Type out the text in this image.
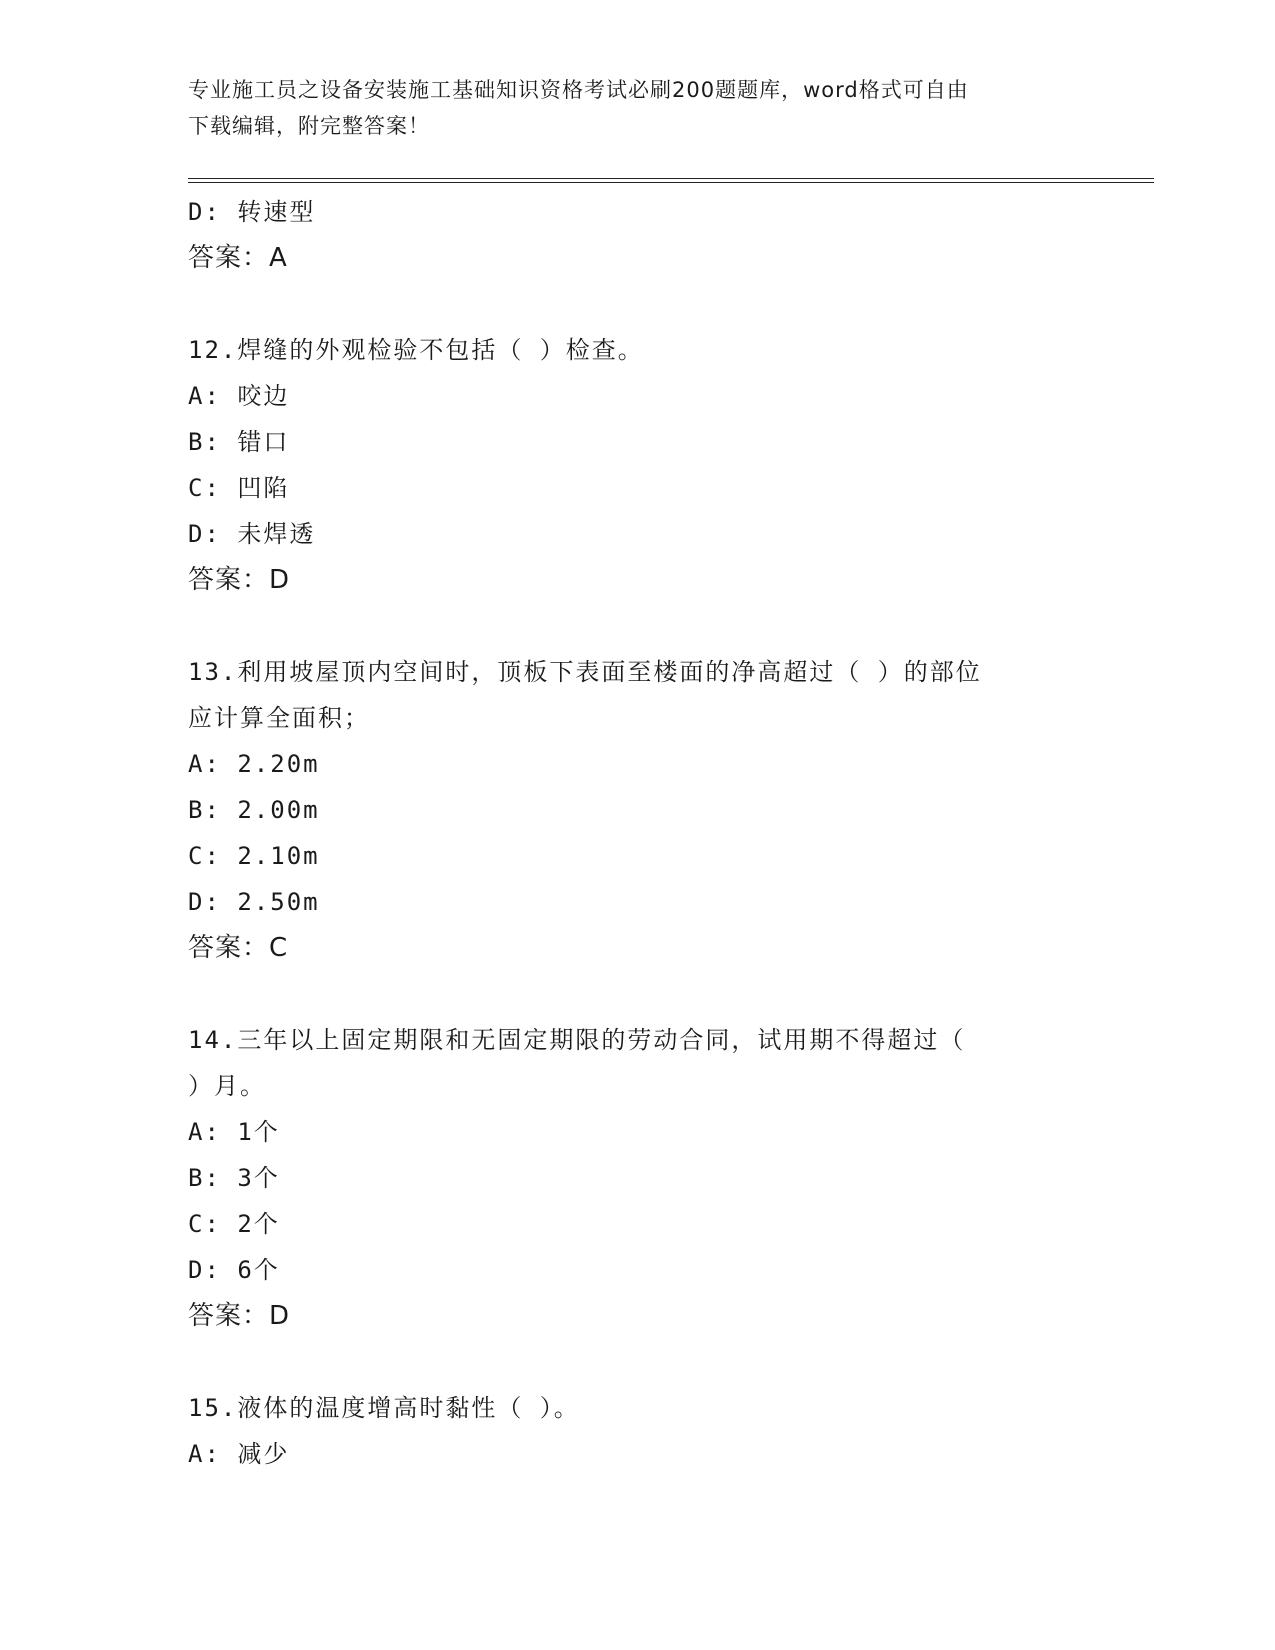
专业施工员之设备安装施工基础知识资格考试必刷200题题库，word格式可自由
下载编辑，附完整答案！
D: 转速型
答案：A
12.焊缝的外观检验不包括（ ）检查。
A: 咬边
B: 错口
C: 凹陷
D: 未焊透
答案：D
13.利用坡屋顶内空间时，顶板下表面至楼面的净高超过（ ）的部位
应计算全面积；
A: 2.20m
B: 2.00m
C: 2.10m
D: 2.50m
答案：C
14.三年以上固定期限和无固定期限的劳动合同，试用期不得超过（
）月。
A: 1个
B: 3个
C: 2个
D: 6个
答案：D
15.液体的温度增高时黏性（ ）。
A: 减少
